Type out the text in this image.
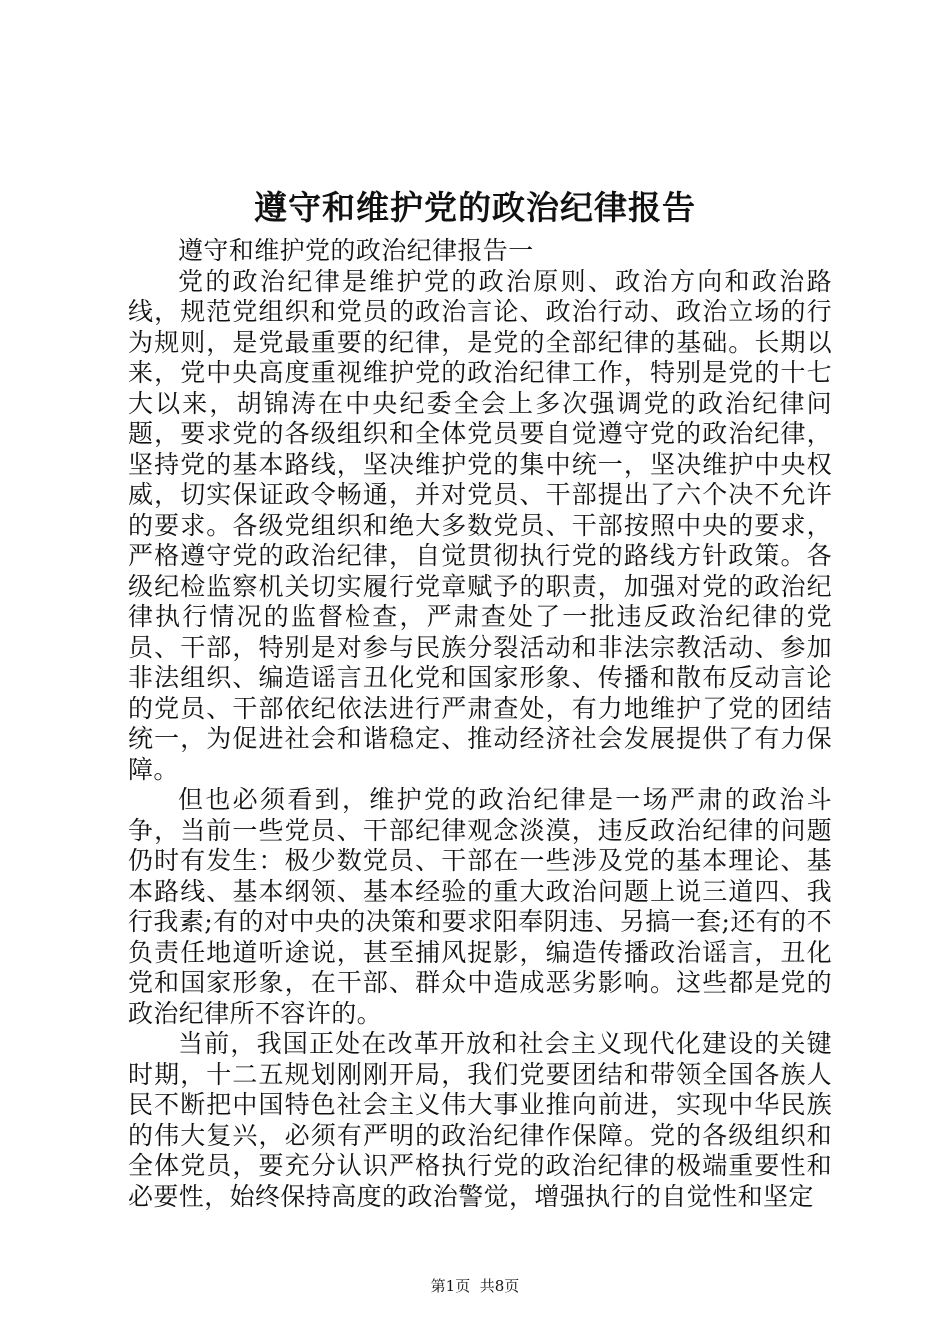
遵守和维护党的政治纪律报告

遵守和维护党的政治纪律报告一

党的政治纪律是维护党的政治原则、政治方向和政治路线，规范党组织和党员的政治言论、政治行动、政治立场的行为规则，是党最重要的纪律，是党的全部纪律的基础。长期以来，党中央高度重视维护党的政治纪律工作，特别是党的十七大以来，胡锦涛在中央纪委全会上多次强调党的政治纪律问题，要求党的各级组织和全体党员要自觉遵守党的政治纪律，坚持党的基本路线，坚决维护党的集中统一，坚决维护中央权威，切实保证政令畅通，并对党员、干部提出了六个决不允许的要求。各级党组织和绝大多数党员、干部按照中央的要求，严格遵守党的政治纪律，自觉贯彻执行党的路线方针政策。各级纪检监察机关切实履行党章赋予的职责，加强对党的政治纪律执行情况的监督检查，严肃查处了一批违反政治纪律的党员、干部，特别是对参与民族分裂活动和非法宗教活动、参加非法组织、编造谣言丑化党和国家形象、传播和散布反动言论的党员、干部依纪依法进行严肃查处，有力地维护了党的团结统一，为促进社会和谐稳定、推动经济社会发展提供了有力保障。

但也必须看到，维护党的政治纪律是一场严肃的政治斗争，当前一些党员、干部纪律观念淡漠，违反政治纪律的问题仍时有发生：极少数党员、干部在一些涉及党的基本理论、基本路线、基本纲领、基本经验的重大政治问题上说三道四、我行我素;有的对中央的决策和要求阳奉阴违、另搞一套;还有的不负责任地道听途说，甚至捕风捉影，编造传播政治谣言，丑化党和国家形象，在干部、群众中造成恶劣影响。这些都是党的政治纪律所不容许的。

当前，我国正处在改革开放和社会主义现代化建设的关键时期，十二五规划刚刚开局，我们党要团结和带领全国各族人民不断把中国特色社会主义伟大事业推向前进，实现中华民族的伟大复兴，必须有严明的政治纪律作保障。党的各级组织和全体党员，要充分认识严格执行党的政治纪律的极端重要性和必要性，始终保持高度的政治警觉，增强执行的自觉性和坚定

第1页 共8页
